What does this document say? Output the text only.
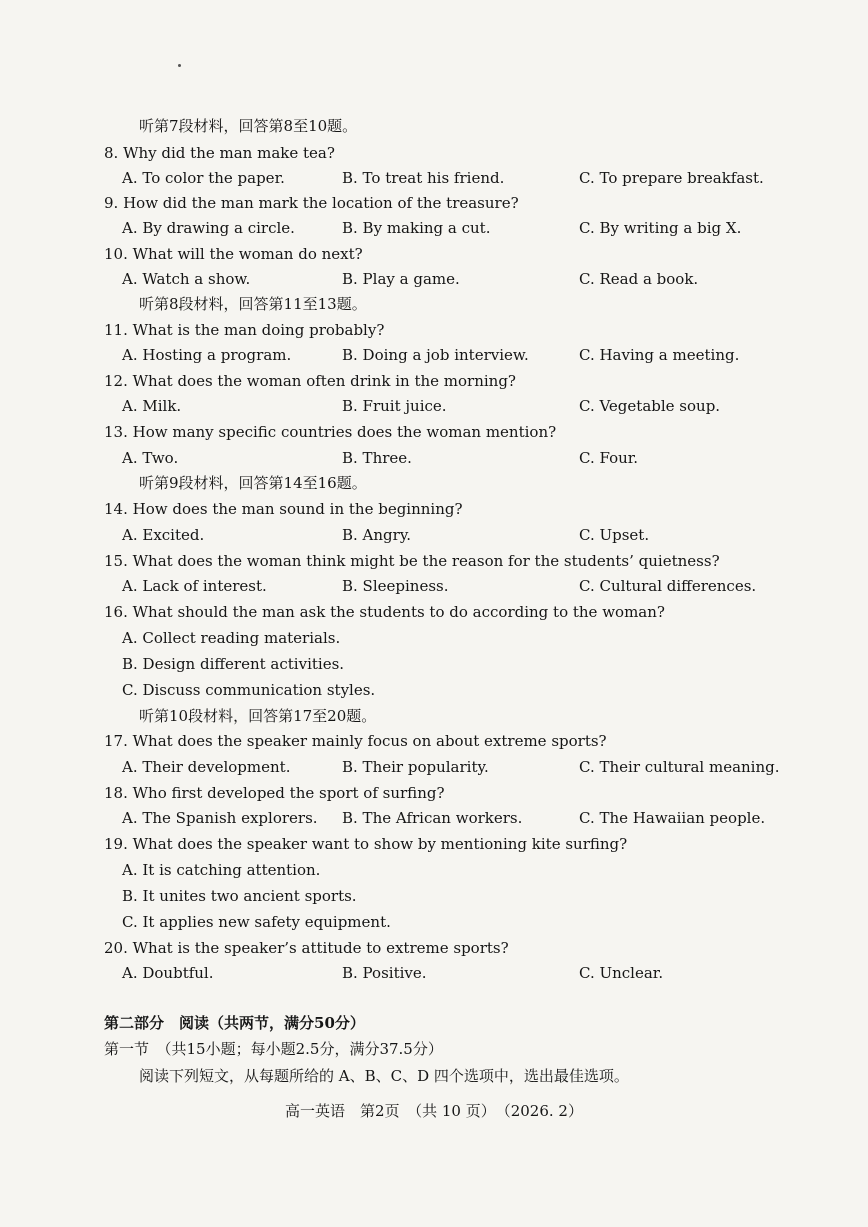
听第7段材料，回答第8至10题。
8. Why did the man make tea?
A. To color the paper.	B. To treat his friend.	C. To prepare breakfast.
9. How did the man mark the location of the treasure?
A. By drawing a circle.	B. By making a cut.	C. By writing a big X.
10. What will the woman do next?
A. Watch a show.	B. Play a game.	C. Read a book.
听第8段材料，回答第11至13题。
11. What is the man doing probably?
A. Hosting a program.	B. Doing a job interview.	C. Having a meeting.
12. What does the woman often drink in the morning?
A. Milk.	B. Fruit juice.	C. Vegetable soup.
13. How many specific countries does the woman mention?
A. Two.	B. Three.	C. Four.
听第9段材料，回答第14至16题。
14. How does the man sound in the beginning?
A. Excited.	B. Angry.	C. Upset.
15. What does the woman think might be the reason for the students’ quietness?
A. Lack of interest.	B. Sleepiness.	C. Cultural differences.
16. What should the man ask the students to do according to the woman?
A. Collect reading materials.
B. Design different activities.
C. Discuss communication styles.
听第10段材料，回答第17至20题。
17. What does the speaker mainly focus on about extreme sports?
A. Their development.	B. Their popularity.	C. Their cultural meaning.
18. Who first developed the sport of surfing?
A. The Spanish explorers. B. The African workers.	C. The Hawaiian people.
19. What does the speaker want to show by mentioning kite surfing?
A. It is catching attention.
B. It unites two ancient sports.
C. It applies new safety equipment.
20. What is the speaker’s attitude to extreme sports?
A. Doubtful.	B. Positive.	C. Unclear.
第二部分　阅读（共两节，满分50分）
第一节　（共15小题；每小题2.5分，满分37.5分）
阅读下列短文，从每题所给的 A、B、C、D 四个选项中，选出最佳选项。
高一英语　第2页　（共 10 页）　（2026. 2）
